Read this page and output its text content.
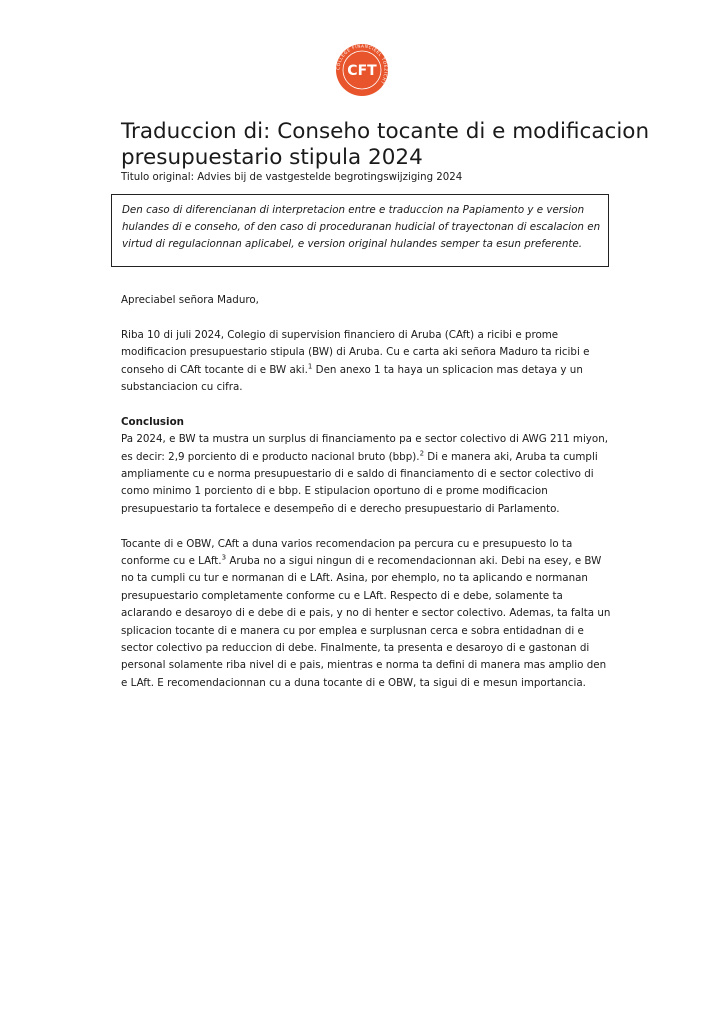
COLLEGE FINANCIEEL TOEZICHT
CFT
Traduccion di: Conseho tocante di e modificacion presupuestario stipula 2024

Titulo original: Advies bij de vastgestelde begrotingswijziging 2024

Den caso di diferencianan di interpretacion entre e traduccion na Papiamento y e version hulandes di e conseho, of den caso di proceduranan hudicial of trayectonan di escalacion en virtud di regulacionnan aplicabel, e version original hulandes semper ta esun preferente.

Apreciabel señora Maduro,

Riba 10 di juli 2024, Colegio di supervision financiero di Aruba (CAft) a ricibi e prome modificacion presupuestario stipula (BW) di Aruba. Cu e carta aki señora Maduro ta ricibi e conseho di CAft tocante di e BW aki.$^1$ Den anexo 1 ta haya un splicacion mas detaya y un substanciacion cu cifra.

Conclusion

Pa 2024, e BW ta mustra un surplus di financiamento pa e sector colectivo di AWG 211 miyon, es decir: 2,9 porciento di e producto nacional bruto (bbp).$^2$ Di e manera aki, Aruba ta cumpli ampliamente cu e norma presupuestario di e saldo di financiamento di e sector colectivo di como minimo 1 porciento di e bbp. E stipulacion oportuno di e prome modificacion presupuestario ta fortalece e desempeño di e derecho presupuestario di Parlamento.

Tocante di e OBW, CAft a duna varios recomendacion pa percura cu e presupuesto lo ta conforme cu e LAft.$^3$ Aruba no a sigui ningun di e recomendacionnan aki. Debi na esey, e BW no ta cumpli cu tur e normanan di e LAft. Asina, por ehemplo, no ta aplicando e normanan presupuestario completamente conforme cu e LAft. Respecto di e debe, solamente ta aclarando e desaroyo di e debe di e pais, y no di henter e sector colectivo. Ademas, ta falta un splicacion tocante di e manera cu por emplea e surplusnan cerca e sobra entidadnan di e sector colectivo pa reduccion di debe. Finalmente, ta presenta e desaroyo di e gastonan di personal solamente riba nivel di e pais, mientras e norma ta defini di manera mas amplio den e LAft. E recomendacionnan cu a duna tocante di e OBW, ta sigui di e mesun importancia.
